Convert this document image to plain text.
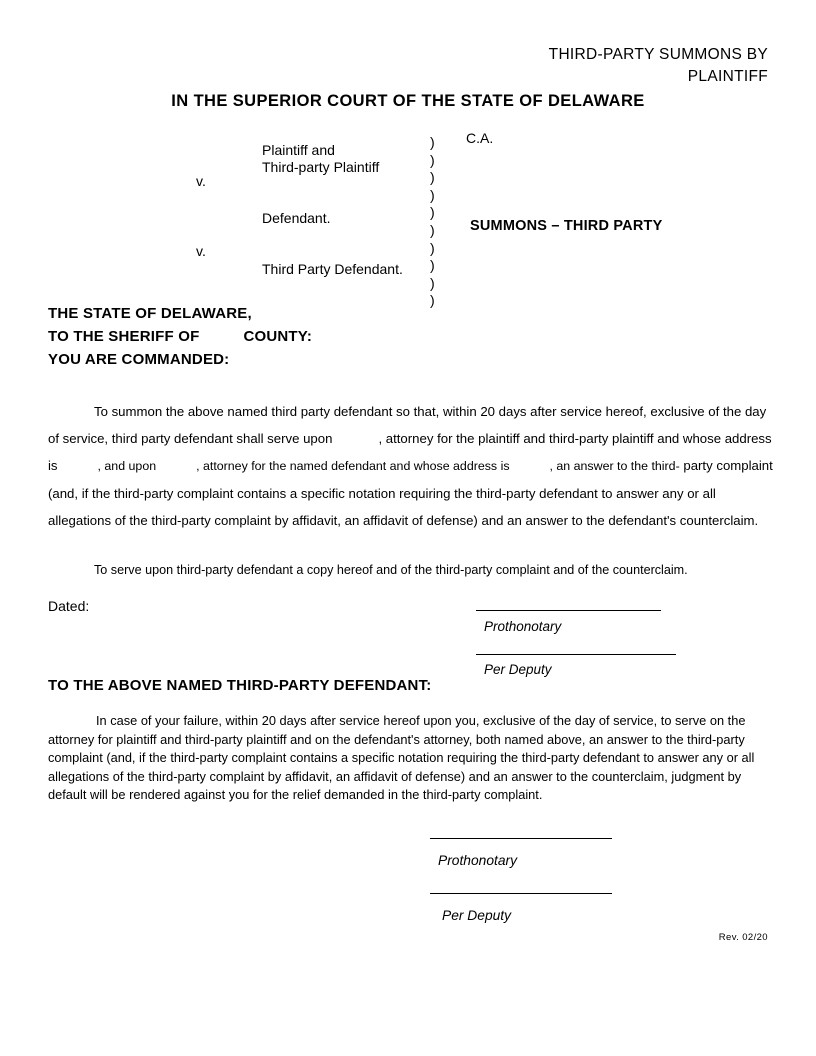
THIRD-PARTY SUMMONS BY
PLAINTIFF
IN THE SUPERIOR COURT OF THE STATE OF DELAWARE
v.
v.
Plaintiff and
Third-party Plaintiff
Defendant.
Third Party Defendant.
)
)
)
)
)
)
)
)
)
)
C.A.
SUMMONS – THIRD PARTY
THE STATE OF DELAWARE,
TO THE SHERIFF OF	COUNTY:
YOU ARE COMMANDED:
To summon the above named third party defendant so that, within 20 days after service hereof, exclusive of the day of service, third party defendant shall serve upon	, attorney for the plaintiff and third-party plaintiff and whose address is	, and upon	, attorney for the named defendant and whose address is	, an answer to the third- party complaint (and, if the third-party complaint contains a specific notation requiring the third-party defendant to answer any or all allegations of the third-party complaint by affidavit, an affidavit of defense) and an answer to the defendant's counterclaim.
To serve upon third-party defendant a copy hereof and of the third-party complaint and of the counterclaim.
Dated:
Prothonotary
Per Deputy
TO THE ABOVE NAMED THIRD-PARTY DEFENDANT:
In case of your failure, within 20 days after service hereof upon you, exclusive of the day of service, to serve on the attorney for plaintiff and third-party plaintiff and on the defendant's attorney, both named above, an answer to the third-party complaint (and, if the third-party complaint contains a specific notation requiring the third-party defendant to answer any or all allegations of the third-party complaint by affidavit, an affidavit of defense) and an answer to the counterclaim, judgment by default will be rendered against you for the relief demanded in the third-party complaint.
Prothonotary
Per Deputy
Rev. 02/20
